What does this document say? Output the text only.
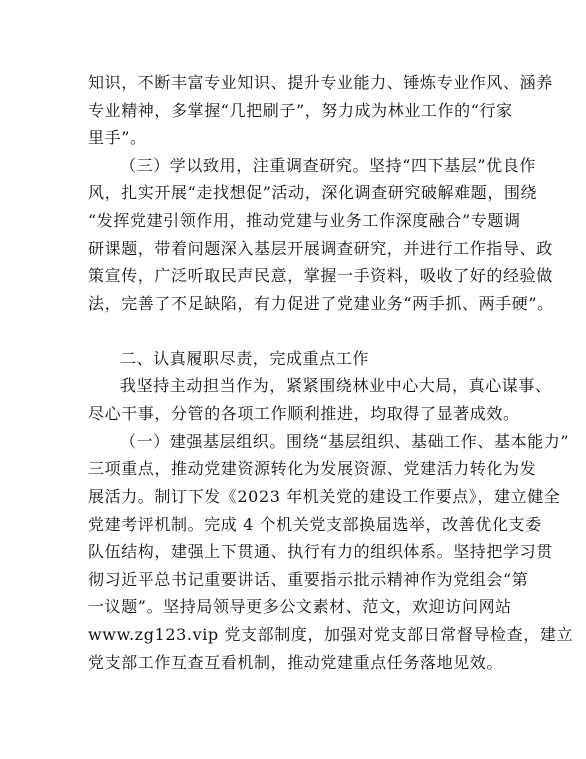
知识，不断丰富专业知识、提升专业能力、锤炼专业作风、涵养
专业精神，多掌握“几把刷子”，努力成为林业工作的“行家
里手”。
（三）学以致用，注重调查研究。坚持“四下基层”优良作
风，扎实开展“走找想促”活动，深化调查研究破解难题，围绕
“发挥党建引领作用，推动党建与业务工作深度融合”专题调
研课题，带着问题深入基层开展调查研究，并进行工作指导、政
策宣传，广泛听取民声民意，掌握一手资料，吸收了好的经验做
法，完善了不足缺陷，有力促进了党建业务“两手抓、两手硬”。
二、认真履职尽责，完成重点工作
我坚持主动担当作为，紧紧围绕林业中心大局，真心谋事、
尽心干事，分管的各项工作顺利推进，均取得了显著成效。
（一）建强基层组织。围绕“基层组织、基础工作、基本能力”
三项重点，推动党建资源转化为发展资源、党建活力转化为发
展活力。制订下发《2023 年机关党的建设工作要点》，建立健全
党建考评机制。完成 4 个机关党支部换届选举，改善优化支委
队伍结构，建强上下贯通、执行有力的组织体系。坚持把学习贯
彻习近平总书记重要讲话、重要指示批示精神作为党组会“第
一议题”。坚持局领导更多公文素材、范文，欢迎访问网站
www.zg123.vip 党支部制度，加强对党支部日常督导检查，建立
党支部工作互查互看机制，推动党建重点任务落地见效。
